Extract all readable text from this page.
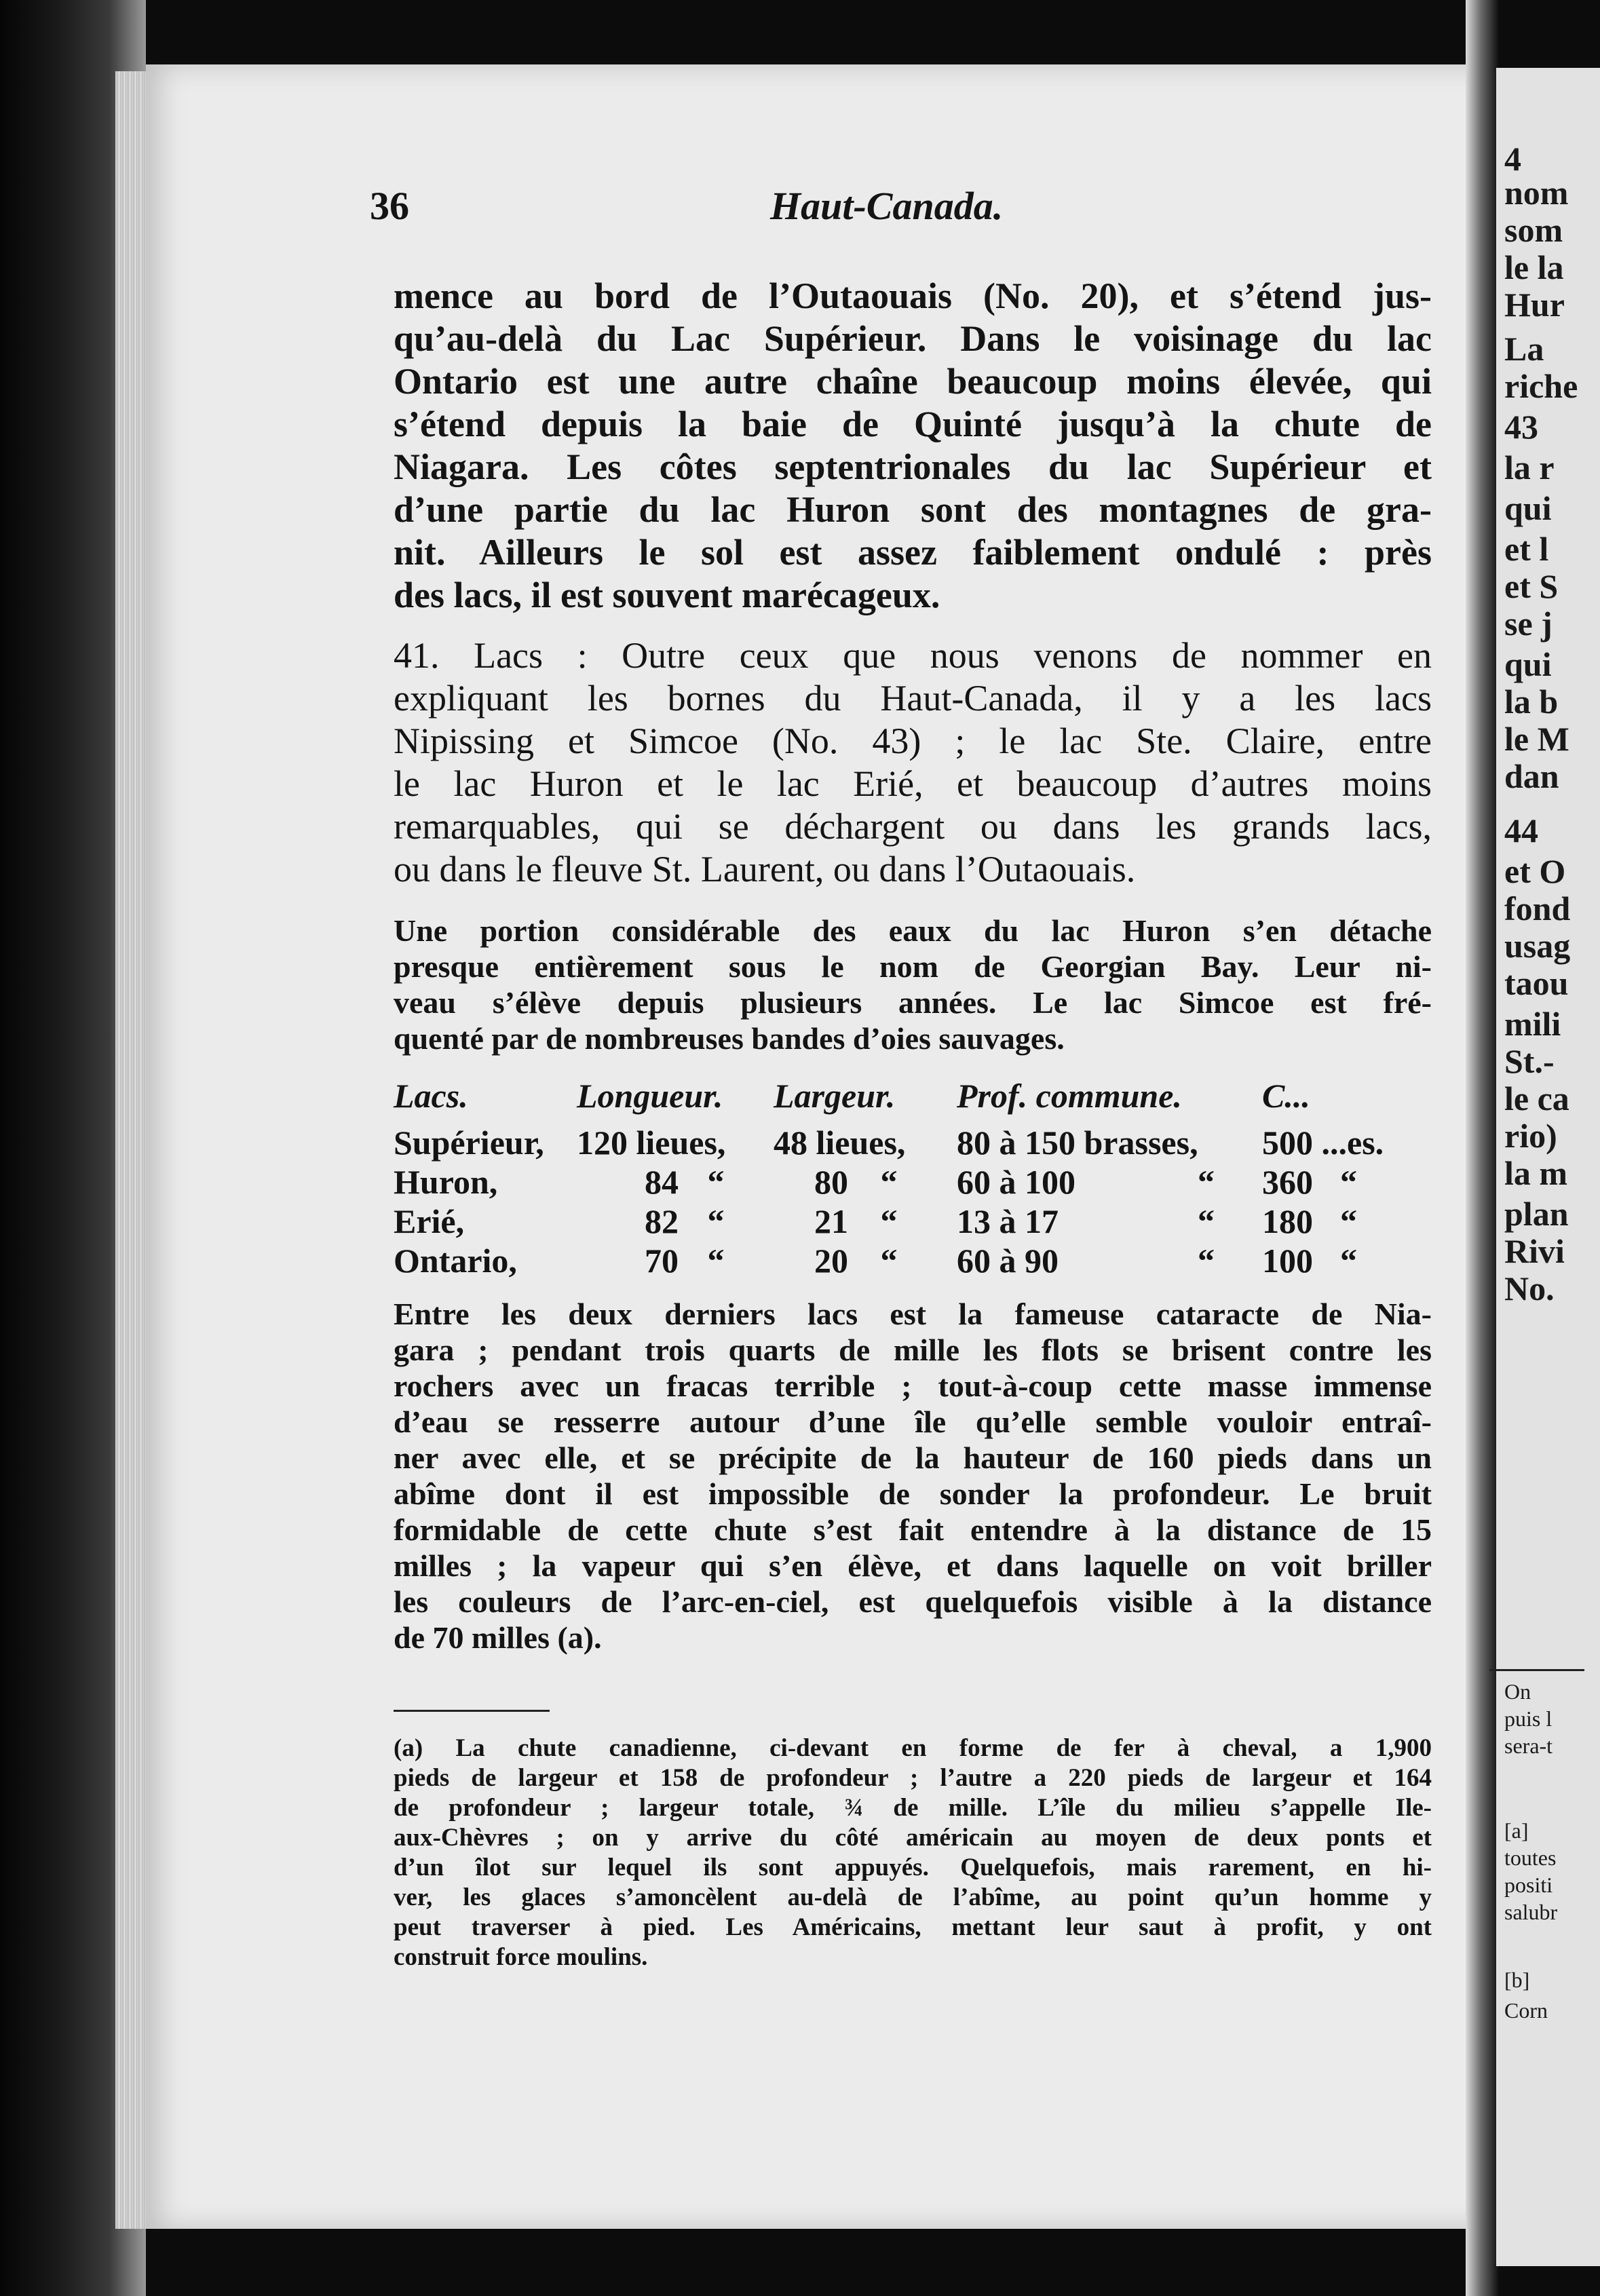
4
nom
som
le la
Hur
La
riche
43
la r
qui
et l
et S
se j
qui
la b
le M
dan
44
et O
fond
usag
taou
mili
St.-
le ca
rio)
la m
plan
Rivi
No.
On
puis l
sera-t
[a]
toutes
positi
salubr
[b]
Corn
36	Haut-Canada.
mence au bord de l’Outaouais (No. 20), et s’étend jus-
qu’au-delà du Lac Supérieur. Dans le voisinage du lac
Ontario est une autre chaîne beaucoup moins élevée, qui
s’étend depuis la baie de Quinté jusqu’à la chute de
Niagara. Les côtes septentrionales du lac Supérieur et
d’une partie du lac Huron sont des montagnes de gra-
nit. Ailleurs le sol est assez faiblement ondulé : près
des lacs, il est souvent marécageux.
41. Lacs : Outre ceux que nous venons de nommer en
expliquant les bornes du Haut-Canada, il y a les lacs
Nipissing et Simcoe (No. 43) ; le lac Ste. Claire, entre
le lac Huron et le lac Erié, et beaucoup d’autres moins
remarquables, qui se déchargent ou dans les grands lacs,
ou dans le fleuve St. Laurent, ou dans l’Outaouais.
Une portion considérable des eaux du lac Huron s’en détache
presque entièrement sous le nom de Georgian Bay. Leur ni-
veau s’élève depuis plusieurs années. Le lac Simcoe est fré-
quenté par de nombreuses bandes d’oies sauvages.
Lacs.	Longueur.	Largeur.	Prof. commune.	C...
Supérieur,	120 lieues,	48 lieues,	80 à 150 brasses,	500 ...es.
Huron,	84 “	80 “	60 à 100 “	360 “
Erié,	82 “	21 “	13 à 17 “	180 “
Ontario,	70 “	20 “	60 à 90 “	100 “
Entre les deux derniers lacs est la fameuse cataracte de Nia-
gara ; pendant trois quarts de mille les flots se brisent contre les
rochers avec un fracas terrible ; tout-à-coup cette masse immense
d’eau se resserre autour d’une île qu’elle semble vouloir entraî-
ner avec elle, et se précipite de la hauteur de 160 pieds dans un
abîme dont il est impossible de sonder la profondeur. Le bruit
formidable de cette chute s’est fait entendre à la distance de 15
milles ; la vapeur qui s’en élève, et dans laquelle on voit briller
les couleurs de l’arc-en-ciel, est quelquefois visible à la distance
de 70 milles (a).
(a) La chute canadienne, ci-devant en forme de fer à cheval, a 1,900
pieds de largeur et 158 de profondeur ; l’autre a 220 pieds de largeur et 164
de profondeur ; largeur totale, ¾ de mille. L’île du milieu s’appelle Ile-
aux-Chèvres ; on y arrive du côté américain au moyen de deux ponts et
d’un îlot sur lequel ils sont appuyés. Quelquefois, mais rarement, en hi-
ver, les glaces s’amoncèlent au-delà de l’abîme, au point qu’un homme y
peut traverser à pied. Les Américains, mettant leur saut à profit, y ont
construit force moulins.
